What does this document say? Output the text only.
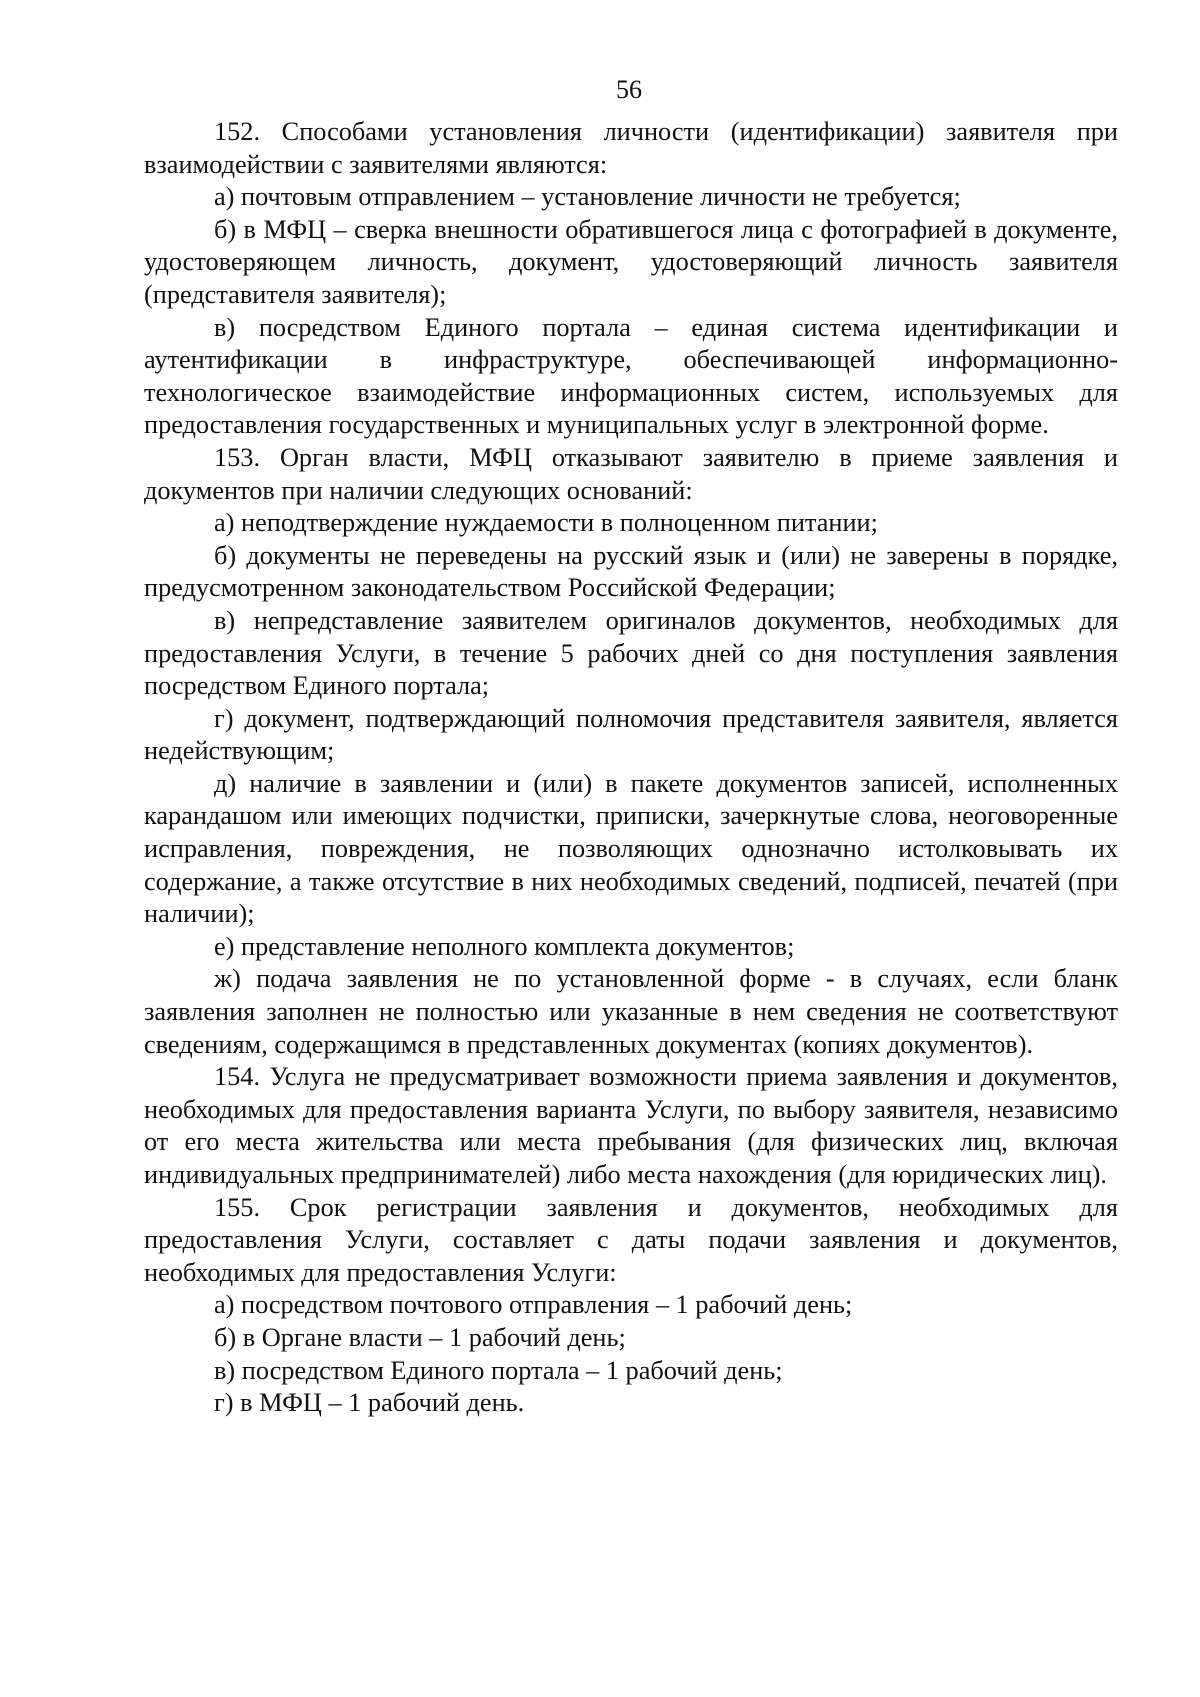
56

152. Способами установления личности (идентификации) заявителя при взаимодействии с заявителями являются:

а) почтовым отправлением – установление личности не требуется;

б) в МФЦ – сверка внешности обратившегося лица с фотографией в документе, удостоверяющем личность, документ, удостоверяющий личность заявителя (представителя заявителя);

в) посредством Единого портала – единая система идентификации и аутентификации в инфраструктуре, обеспечивающей информационно-технологическое взаимодействие информационных систем, используемых для предоставления государственных и муниципальных услуг в электронной форме.

153. Орган власти, МФЦ отказывают заявителю в приеме заявления и документов при наличии следующих оснований:

а) неподтверждение нуждаемости в полноценном питании;

б) документы не переведены на русский язык и (или) не заверены в порядке, предусмотренном законодательством Российской Федерации;

в) непредставление заявителем оригиналов документов, необходимых для предоставления Услуги, в течение 5 рабочих дней со дня поступления заявления посредством Единого портала;

г) документ, подтверждающий полномочия представителя заявителя, является недействующим;

д) наличие в заявлении и (или) в пакете документов записей, исполненных карандашом или имеющих подчистки, приписки, зачеркнутые слова, неоговоренные исправления, повреждения, не позволяющих однозначно истолковывать их содержание, а также отсутствие в них необходимых сведений, подписей, печатей (при наличии);

е) представление неполного комплекта документов;

ж) подача заявления не по установленной форме - в случаях, если бланк заявления заполнен не полностью или указанные в нем сведения не соответствуют сведениям, содержащимся в представленных документах (копиях документов).

154. Услуга не предусматривает возможности приема заявления и документов, необходимых для предоставления варианта Услуги, по выбору заявителя, независимо от его места жительства или места пребывания (для физических лиц, включая индивидуальных предпринимателей) либо места нахождения (для юридических лиц).

155. Срок регистрации заявления и документов, необходимых для предоставления Услуги, составляет с даты подачи заявления и документов, необходимых для предоставления Услуги:

а) посредством почтового отправления – 1 рабочий день;

б) в Органе власти – 1 рабочий день;

в) посредством Единого портала – 1 рабочий день;

г) в МФЦ – 1 рабочий день.
